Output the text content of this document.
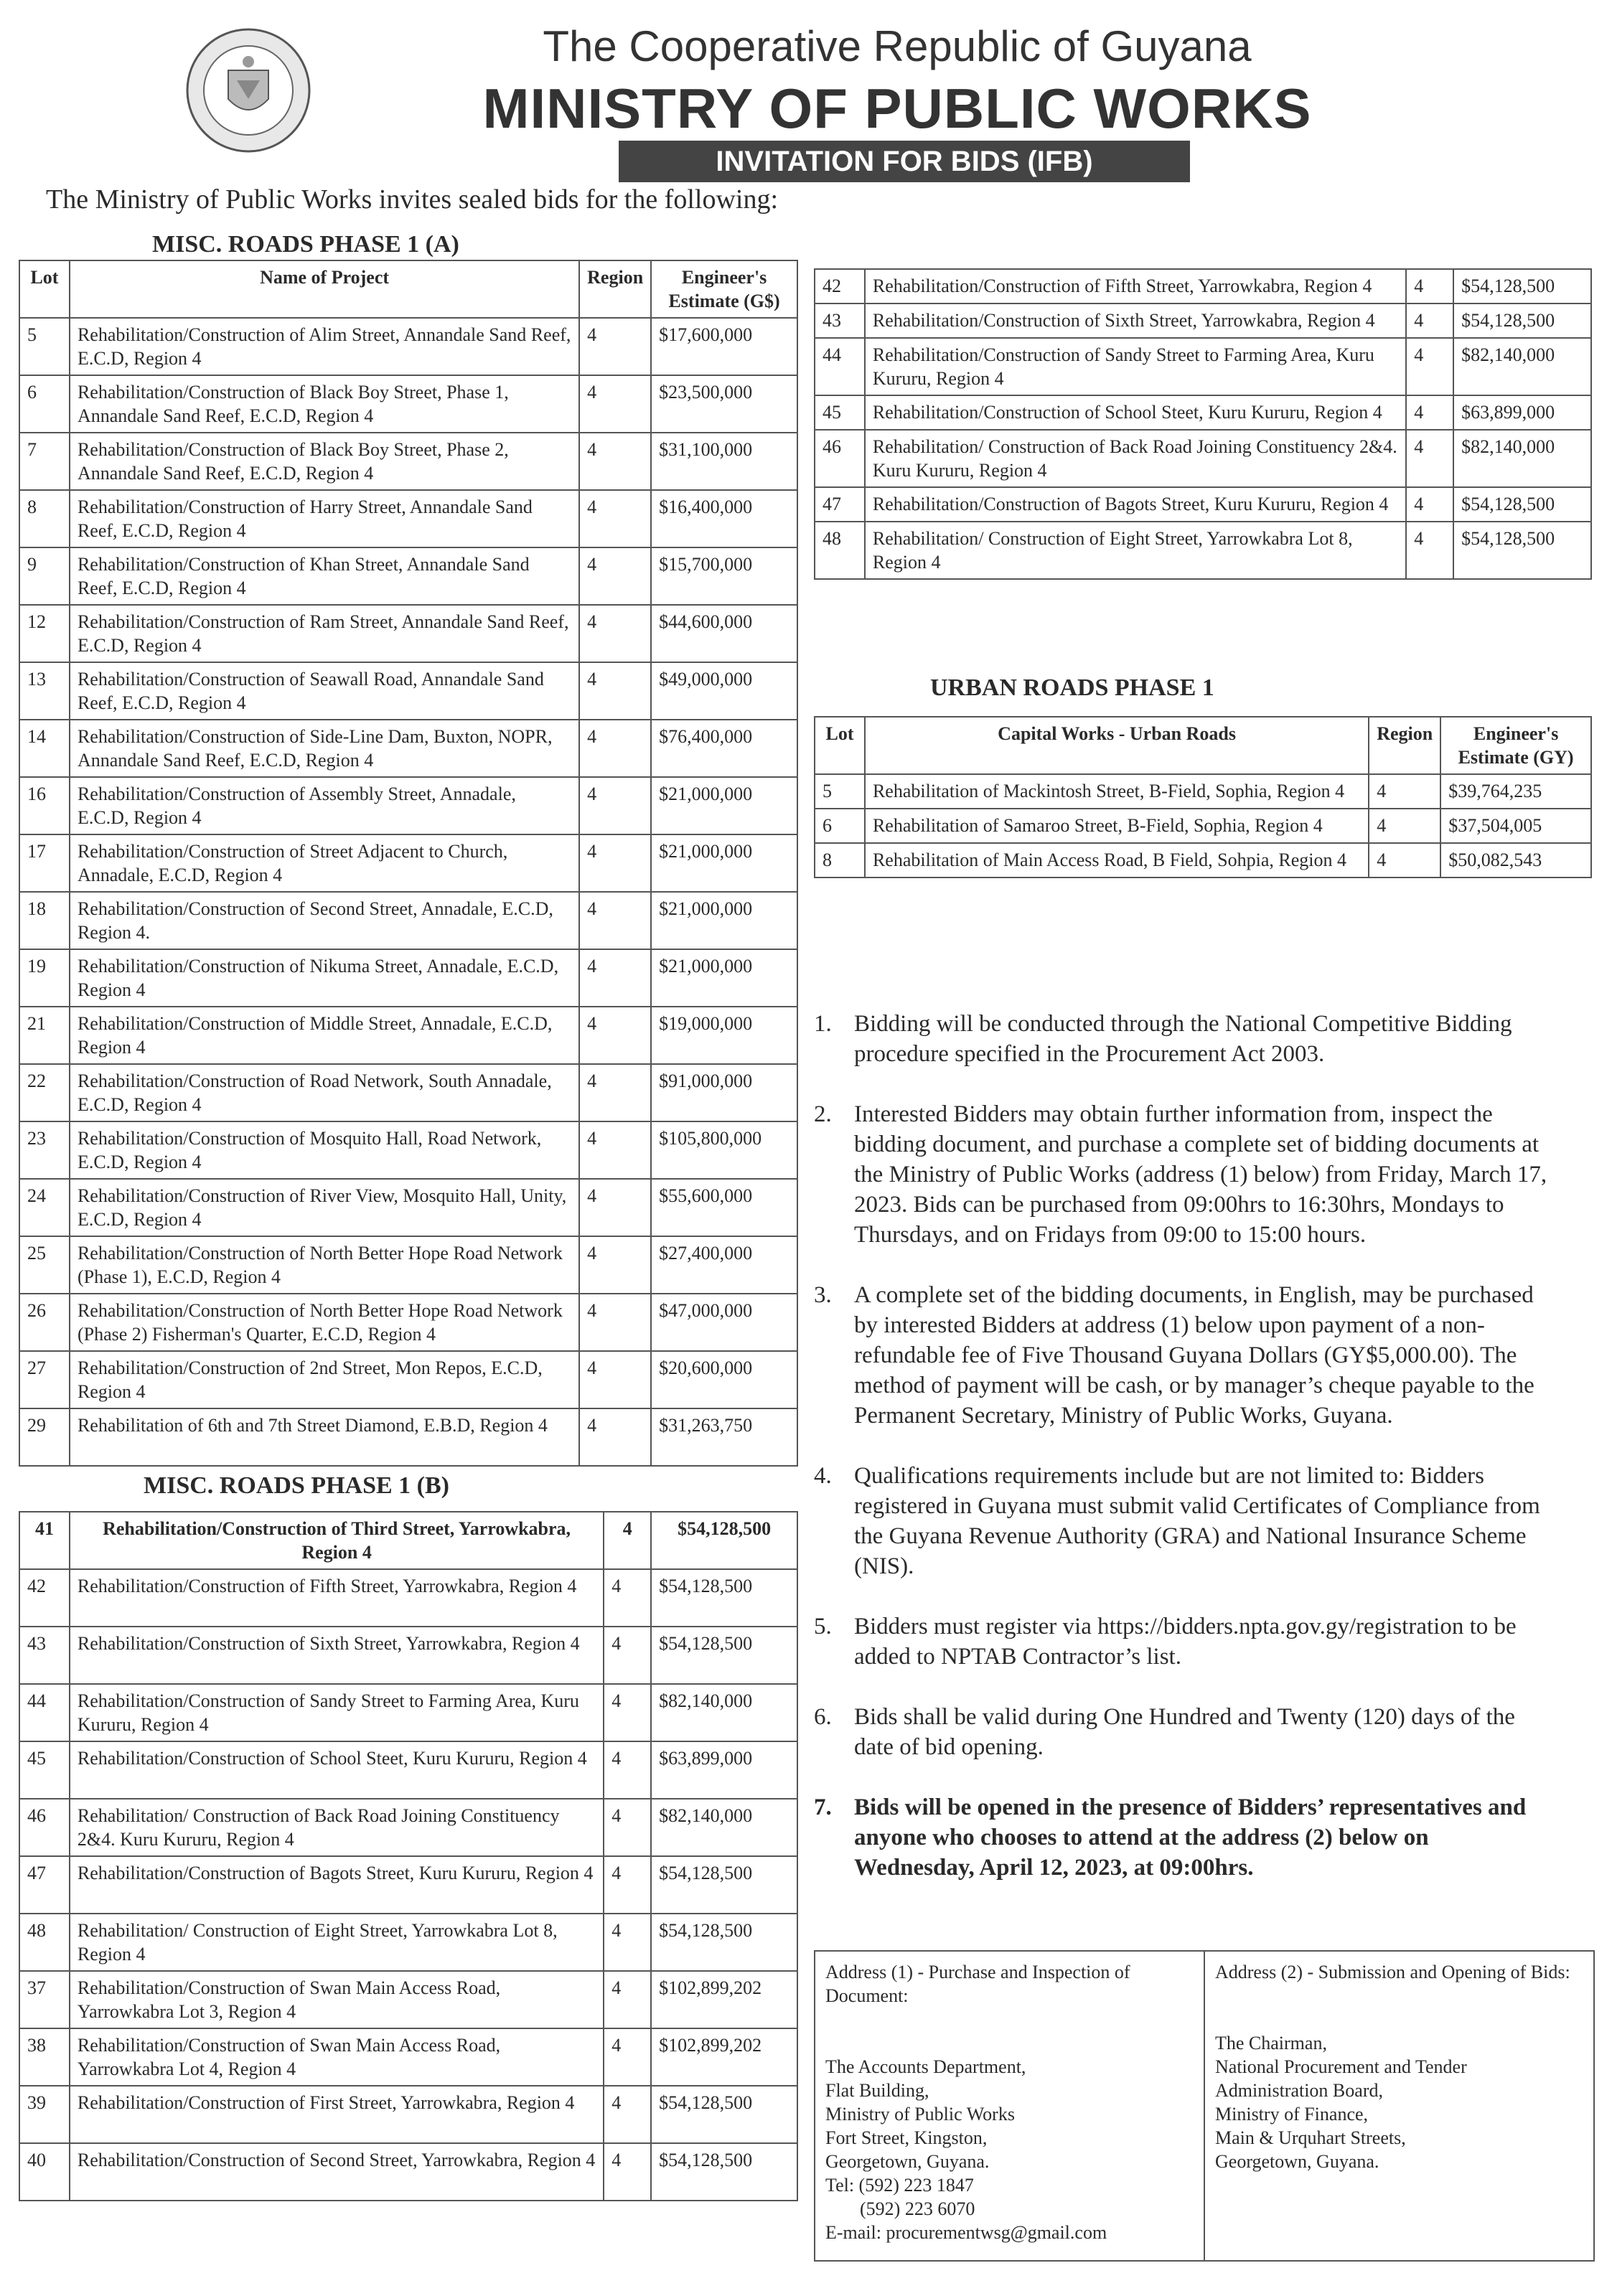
The Cooperative Republic of Guyana
MINISTRY OF PUBLIC WORKS
INVITATION FOR BIDS (IFB)
The Ministry of Public Works invites sealed bids for the following:
MISC. ROADS PHASE 1 (A)
Lot	Name of Project	Region	Engineer's Estimate (G$)
5	Rehabilitation/Construction of Alim Street, Annandale Sand Reef, E.C.D, Region 4	4	$17,600,000
6	Rehabilitation/Construction of Black Boy Street, Phase 1, Annandale Sand Reef, E.C.D, Region 4	4	$23,500,000
7	Rehabilitation/Construction of Black Boy Street, Phase 2, Annandale Sand Reef, E.C.D, Region 4	4	$31,100,000
8	Rehabilitation/Construction of Harry Street, Annandale Sand Reef, E.C.D, Region 4	4	$16,400,000
9	Rehabilitation/Construction of Khan Street, Annandale Sand Reef, E.C.D, Region 4	4	$15,700,000
12	Rehabilitation/Construction of Ram Street, Annandale Sand Reef, E.C.D, Region 4	4	$44,600,000
13	Rehabilitation/Construction of Seawall Road, Annandale Sand Reef, E.C.D, Region 4	4	$49,000,000
14	Rehabilitation/Construction of Side-Line Dam, Buxton, NOPR, Annandale Sand Reef, E.C.D, Region 4	4	$76,400,000
16	Rehabilitation/Construction of Assembly Street, Annadale, E.C.D, Region 4	4	$21,000,000
17	Rehabilitation/Construction of Street Adjacent to Church, Annadale, E.C.D, Region 4	4	$21,000,000
18	Rehabilitation/Construction of Second Street, Annadale, E.C.D, Region 4.	4	$21,000,000
19	Rehabilitation/Construction of Nikuma Street, Annadale, E.C.D, Region 4	4	$21,000,000
21	Rehabilitation/Construction of Middle Street, Annadale, E.C.D, Region 4	4	$19,000,000
22	Rehabilitation/Construction of Road Network, South Annadale, E.C.D, Region 4	4	$91,000,000
23	Rehabilitation/Construction of Mosquito Hall, Road Network, E.C.D, Region 4	4	$105,800,000
24	Rehabilitation/Construction of River View, Mosquito Hall, Unity, E.C.D, Region 4	4	$55,600,000
25	Rehabilitation/Construction of North Better Hope Road Network (Phase 1), E.C.D, Region 4	4	$27,400,000
26	Rehabilitation/Construction of North Better Hope Road Network (Phase 2) Fisherman's Quarter, E.C.D, Region 4	4	$47,000,000
27	Rehabilitation/Construction of 2nd Street, Mon Repos, E.C.D, Region 4	4	$20,600,000
29	Rehabilitation of 6th and 7th Street Diamond, E.B.D, Region 4	4	$31,263,750
MISC. ROADS PHASE 1 (B)
41	Rehabilitation/Construction of Third Street, Yarrowkabra, Region 4	4	$54,128,500
42	Rehabilitation/Construction of Fifth Street, Yarrowkabra, Region 4	4	$54,128,500
43	Rehabilitation/Construction of Sixth Street, Yarrowkabra, Region 4	4	$54,128,500
44	Rehabilitation/Construction of Sandy Street to Farming Area, Kuru Kururu, Region 4	4	$82,140,000
45	Rehabilitation/Construction of School Steet, Kuru Kururu, Region 4	4	$63,899,000
46	Rehabilitation/ Construction of Back Road Joining Constituency 2&4. Kuru Kururu, Region 4	4	$82,140,000
47	Rehabilitation/Construction of Bagots Street, Kuru Kururu, Region 4	4	$54,128,500
48	Rehabilitation/ Construction of Eight Street, Yarrowkabra Lot 8, Region 4	4	$54,128,500
37	Rehabilitation/Construction of Swan Main Access Road, Yarrowkabra Lot 3, Region 4	4	$102,899,202
38	Rehabilitation/Construction of Swan Main Access Road, Yarrowkabra Lot 4, Region 4	4	$102,899,202
39	Rehabilitation/Construction of First Street, Yarrowkabra, Region 4	4	$54,128,500
40	Rehabilitation/Construction of Second Street, Yarrowkabra, Region 4	4	$54,128,500
42	Rehabilitation/Construction of Fifth Street, Yarrowkabra, Region 4	4	$54,128,500
43	Rehabilitation/Construction of Sixth Street, Yarrowkabra, Region 4	4	$54,128,500
44	Rehabilitation/Construction of Sandy Street to Farming Area, Kuru Kururu, Region 4	4	$82,140,000
45	Rehabilitation/Construction of School Steet, Kuru Kururu, Region 4	4	$63,899,000
46	Rehabilitation/ Construction of Back Road Joining Constituency 2&4. Kuru Kururu, Region 4	4	$82,140,000
47	Rehabilitation/Construction of Bagots Street, Kuru Kururu, Region 4	4	$54,128,500
48	Rehabilitation/ Construction of Eight Street, Yarrowkabra Lot 8, Region 4	4	$54,128,500
URBAN ROADS PHASE 1
Lot	Capital Works - Urban Roads	Region	Engineer's Estimate (GY)
5	Rehabilitation of Mackintosh Street, B-Field, Sophia, Region 4	4	$39,764,235
6	Rehabilitation of Samaroo Street, B-Field, Sophia, Region 4	4	$37,504,005
8	Rehabilitation of Main Access Road, B Field, Sohpia, Region 4	4	$50,082,543
1. Bidding will be conducted through the National Competitive Bidding procedure specified in the Procurement Act 2003.
2. Interested Bidders may obtain further information from, inspect the bidding document, and purchase a complete set of bidding documents at the Ministry of Public Works (address (1) below) from Friday, March 17, 2023. Bids can be purchased from 09:00hrs to 16:30hrs, Mondays to Thursdays, and on Fridays from 09:00 to 15:00 hours.
3. A complete set of the bidding documents, in English, may be purchased by interested Bidders at address (1) below upon payment of a non-refundable fee of Five Thousand Guyana Dollars (GY$5,000.00). The method of payment will be cash, or by manager’s cheque payable to the Permanent Secretary, Ministry of Public Works, Guyana.
4. Qualifications requirements include but are not limited to: Bidders registered in Guyana must submit valid Certificates of Compliance from the Guyana Revenue Authority (GRA) and National Insurance Scheme (NIS).
5. Bidders must register via https://bidders.npta.gov.gy/registration to be added to NPTAB Contractor’s list.
6. Bids shall be valid during One Hundred and Twenty (120) days of the date of bid opening.
7. Bids will be opened in the presence of Bidders’ representatives and anyone who chooses to attend at the address (2) below on Wednesday, April 12, 2023, at 09:00hrs.
Address (1) - Purchase and Inspection of Document:
The Accounts Department,
Flat Building,
Ministry of Public Works
Fort Street, Kingston,
Georgetown, Guyana.
Tel: (592) 223 1847
(592) 223 6070
E-mail: procurementwsg@gmail.com
Address (2) - Submission and Opening of Bids:
The Chairman,
National Procurement and Tender
Administration Board,
Ministry of Finance,
Main & Urquhart Streets,
Georgetown, Guyana.
